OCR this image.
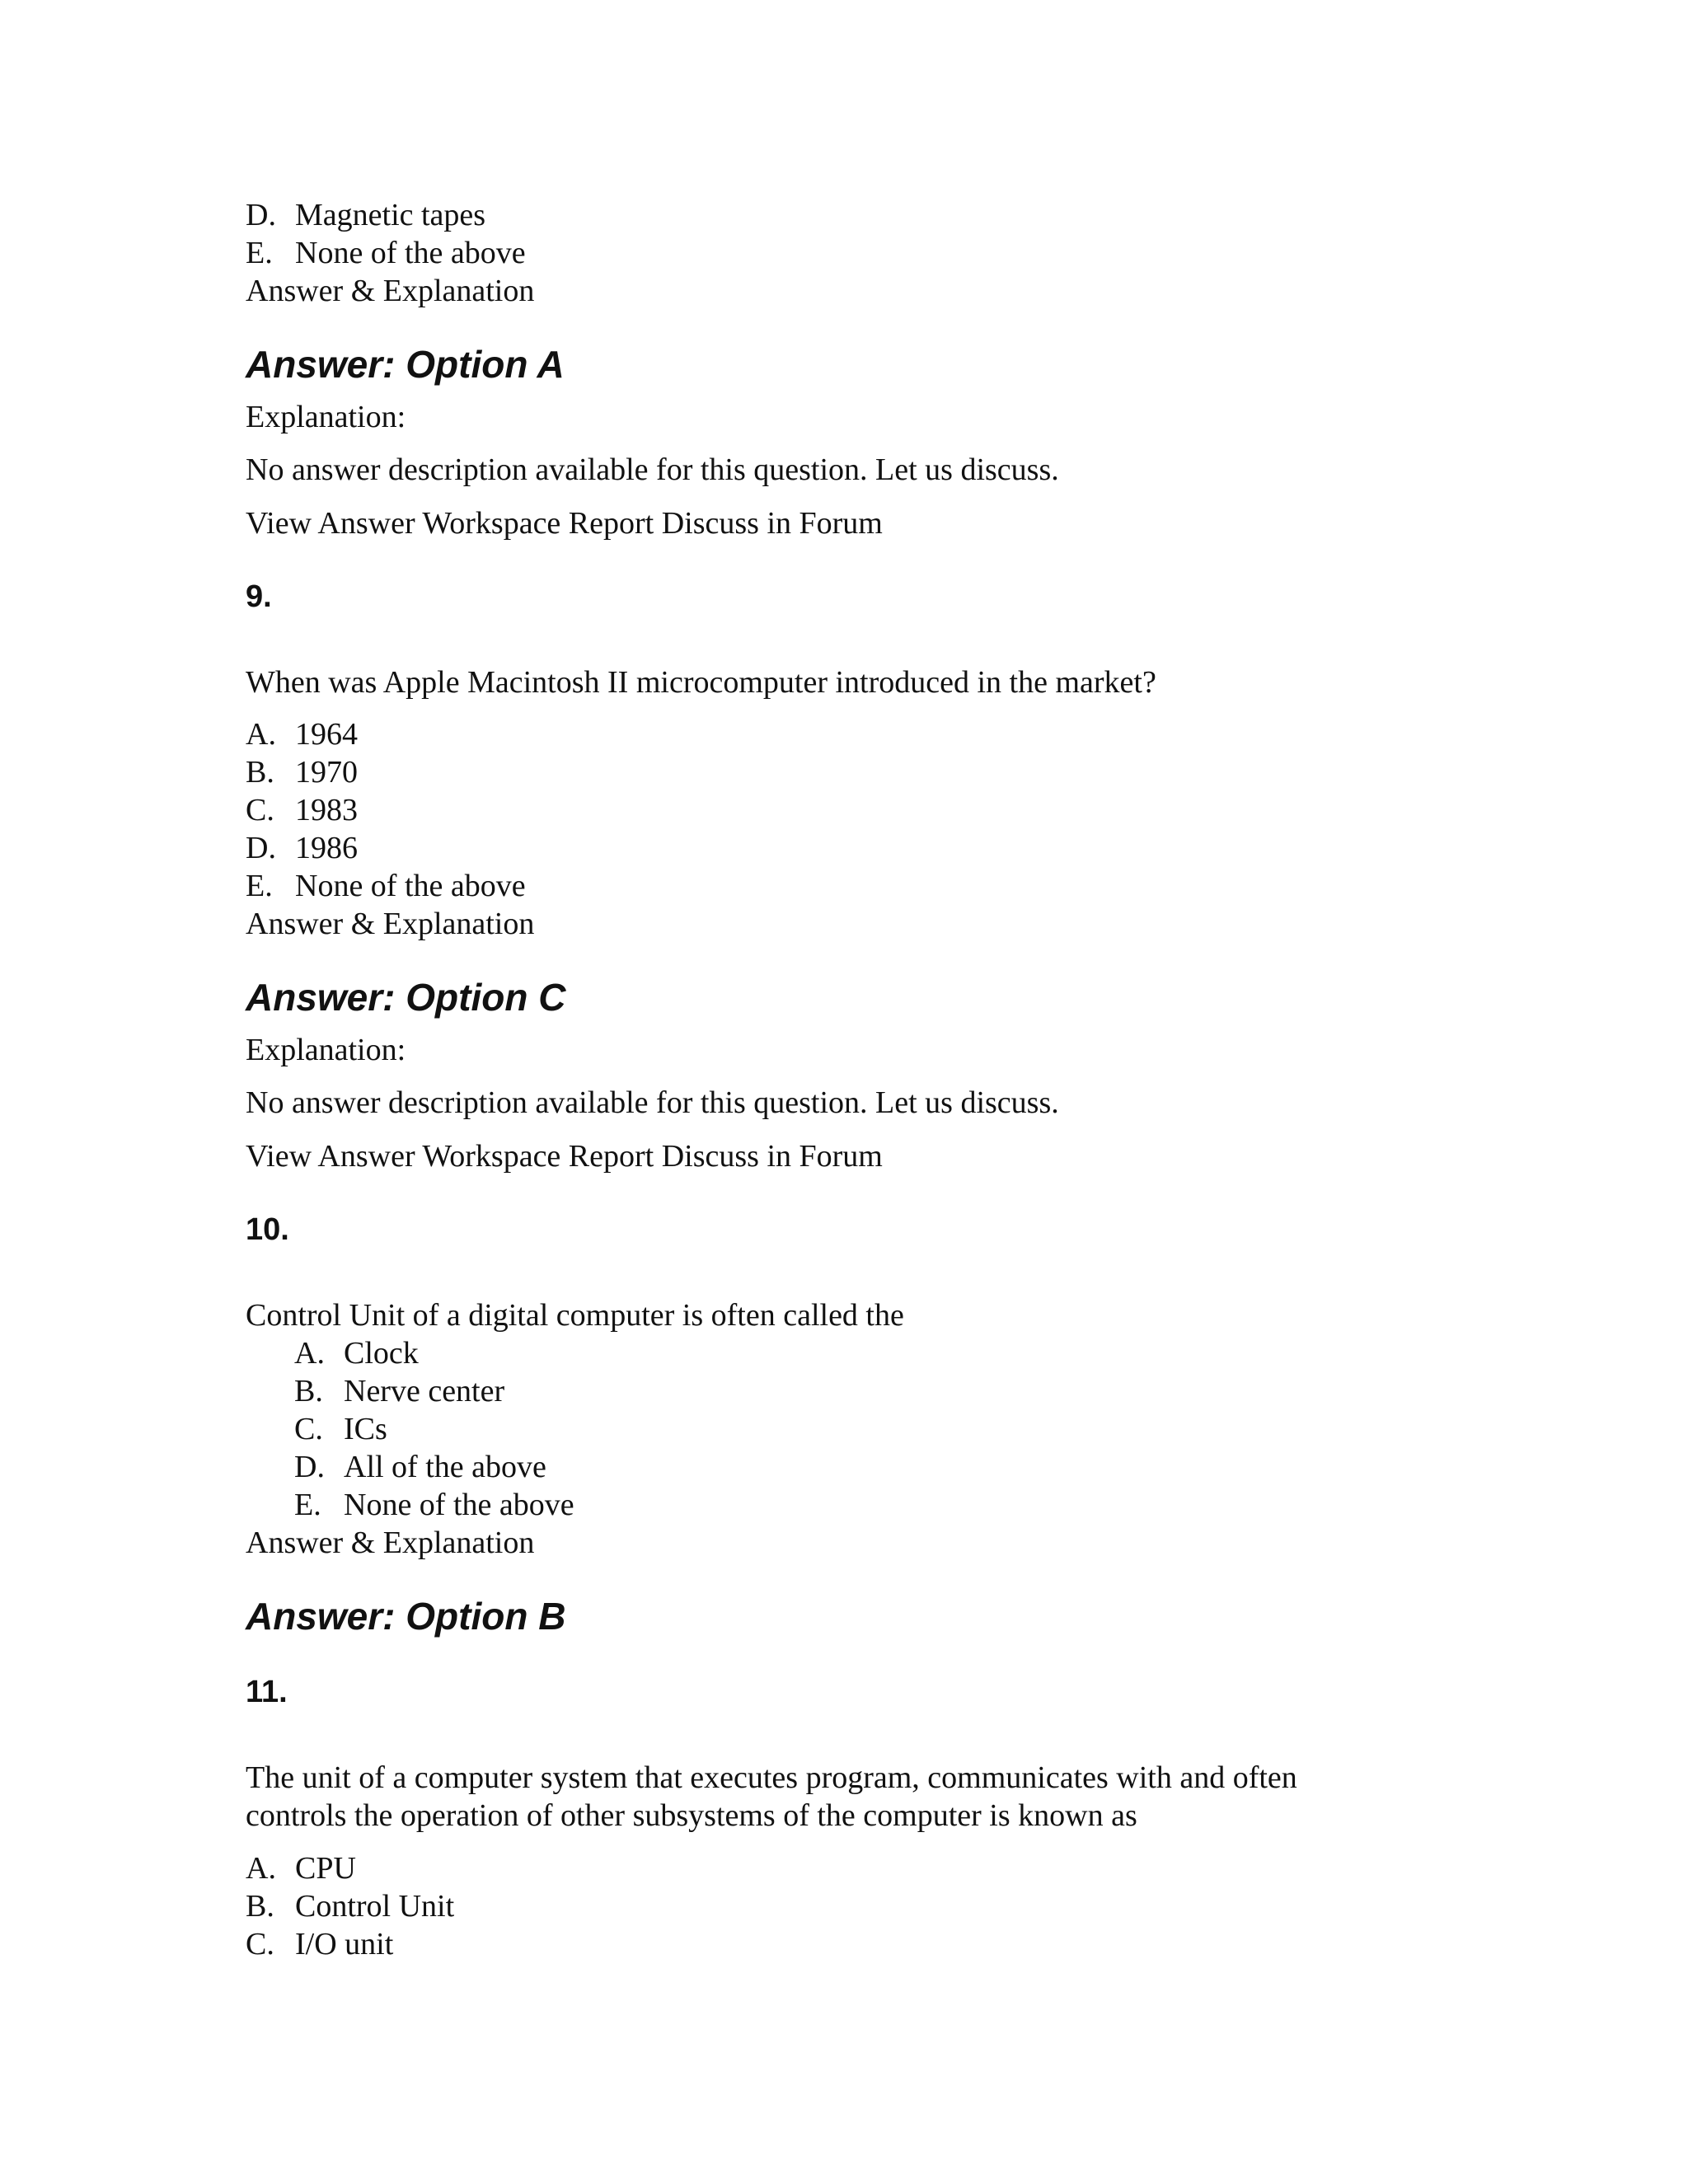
D. Magnetic tapes
E. None of the above
Answer & Explanation
Answer: Option A
Explanation:
No answer description available for this question. Let us discuss.
View Answer Workspace Report Discuss in Forum
9.
When was Apple Macintosh II microcomputer introduced in the market?
A. 1964
B. 1970
C. 1983
D. 1986
E. None of the above
Answer & Explanation
Answer: Option C
Explanation:
No answer description available for this question. Let us discuss.
View Answer Workspace Report Discuss in Forum
10.
Control Unit of a digital computer is often called the
A. Clock
B. Nerve center
C. ICs
D. All of the above
E. None of the above
Answer & Explanation
Answer: Option B
11.
The unit of a computer system that executes program, communicates with and often
controls the operation of other subsystems of the computer is known as
A. CPU
B. Control Unit
C. I/O unit
